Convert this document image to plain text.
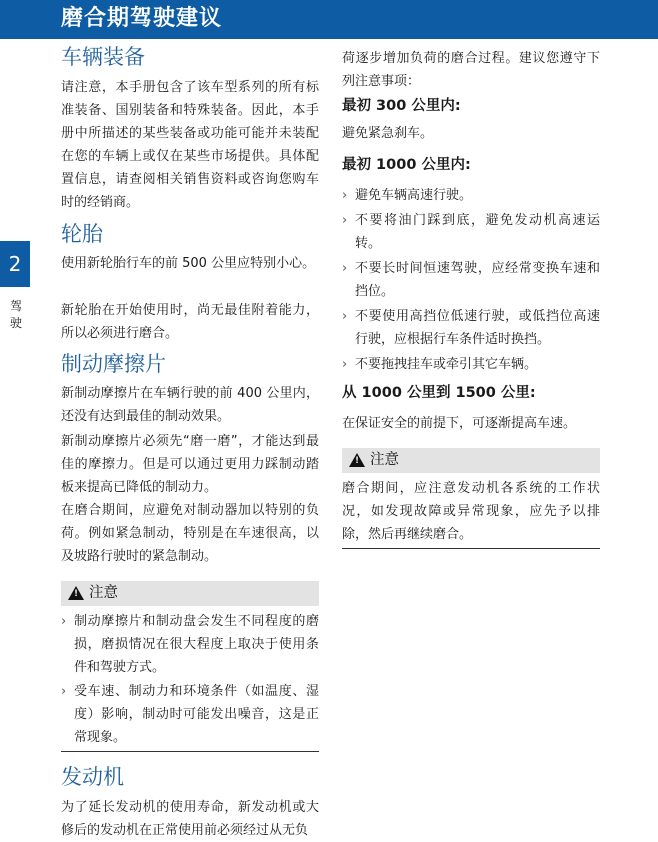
磨合期驾驶建议
2
驾驶
车辆装备

请注意，本手册包含了该车型系列的所有标准装备、国别装备和特殊装备。因此，本手册中所描述的某些装备或功能可能并未装配在您的车辆上或仅在某些市场提供。具体配置信息，请查阅相关销售资料或咨询您购车时的经销商。

轮胎

使用新轮胎行车的前 500 公里应特别小心。

新轮胎在开始使用时，尚无最佳附着能力，所以必须进行磨合。

制动摩擦片

新制动摩擦片在车辆行驶的前 400 公里内，还没有达到最佳的制动效果。

新制动摩擦片必须先“磨一磨”，才能达到最佳的摩擦力。但是可以通过更用力踩制动踏板来提高已降低的制动力。

在磨合期间，应避免对制动器加以特别的负荷。例如紧急制动，特别是在车速很高，以及坡路行驶时的紧急制动。

!
注意
› 制动摩擦片和制动盘会发生不同程度的磨损，磨损情况在很大程度上取决于使用条件和驾驶方式。
› 受车速、制动力和环境条件（如温度、湿度）影响，制动时可能发出噪音，这是正常现象。
发动机

为了延长发动机的使用寿命，新发动机或大修后的发动机在正常使用前必须经过从无负

荷逐步增加负荷的磨合过程。建议您遵守下列注意事项：

最初 300 公里内:

避免紧急刹车。

最初 1000 公里内:
› 避免车辆高速行驶。
› 不要将油门踩到底，避免发动机高速运转。
› 不要长时间恒速驾驶，应经常变换车速和挡位。
› 不要使用高挡位低速行驶，或低挡位高速行驶，应根据行车条件适时换挡。
› 不要拖拽挂车或牵引其它车辆。
从 1000 公里到 1500 公里:

在保证安全的前提下，可逐渐提高车速。

!
注意

磨合期间，应注意发动机各系统的工作状况，如发现故障或异常现象，应先予以排除，然后再继续磨合。
